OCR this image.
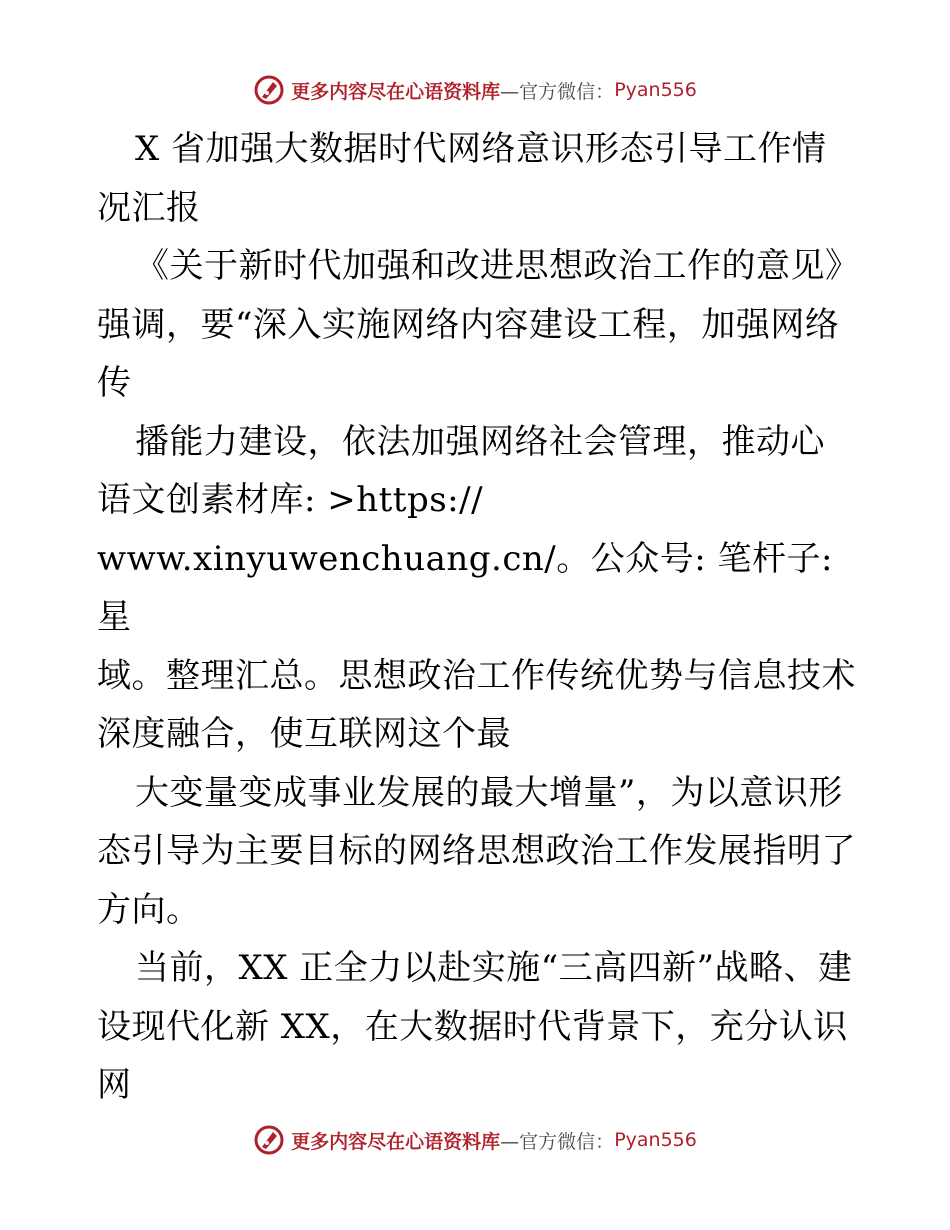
更多内容尽在心语资料库 —官方微信： Pyan556

X 省加强大数据时代网络意识形态引导工作情况汇报

《关于新时代加强和改进思想政治工作的意见》强调，要“深入实施网络内容建设工程，加强网络传

播能力建设，依法加强网络社会管理，推动心语文创素材库: >https://

www.xinyuwenchuang.cn/。公众号: 笔杆子:星

域。整理汇总。思想政治工作传统优势与信息技术深度融合，使互联网这个最

大变量变成事业发展的最大增量”，为以意识形态引导为主要目标的网络思想政治工作发展指明了方向。

当前，XX 正全力以赴实施“三高四新”战略、建设现代化新 XX，在大数据时代背景下，充分认识网

更多内容尽在心语资料库 —官方微信： Pyan556
